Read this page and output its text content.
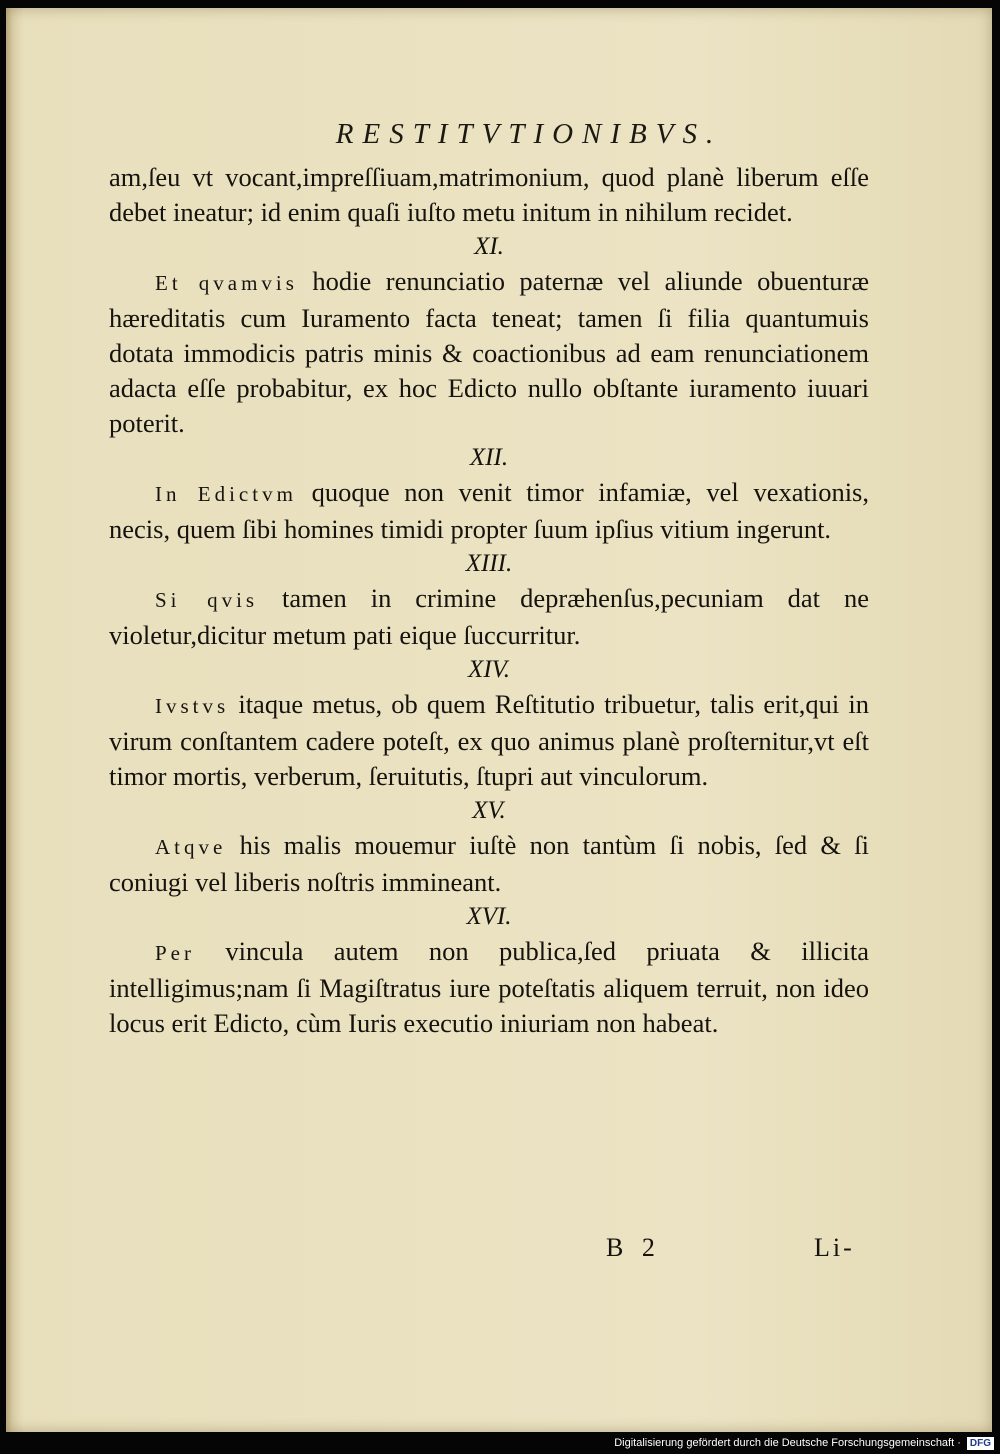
RESTITVTIONIBVS.

am,ſeu vt vocant,impreſſiuam,matrimonium, quod planè liberum eſſe debet ineatur; id enim quaſi iuſto metu initum in nihilum recidet.

XI.

Et qvamvis hodie renunciatio paternæ vel aliunde obuenturæ hæreditatis cum Iuramento facta teneat; tamen ſi filia quantumuis dotata immodicis patris minis & coactionibus ad eam renunciationem adacta eſſe probabitur, ex hoc Edicto nullo obſtante iuramento iuuari poterit.

XII.

In Edictvm quoque non venit timor infamiæ, vel vexationis, necis, quem ſibi homines timidi propter ſuum ipſius vitium ingerunt.

XIII.

Si qvis tamen in crimine depræhenſus,pecuniam dat ne violetur,dicitur metum pati eique ſuccurritur.

XIV.

Ivstvs itaque metus, ob quem Reſtitutio tribuetur, talis erit,qui in virum conſtantem cadere poteſt, ex quo animus planè proſternitur,vt eſt timor mortis, verberum, ſeruitutis, ſtupri aut vinculorum.

XV.

Atqve his malis mouemur iuſtè non tantùm ſi nobis, ſed & ſi coniugi vel liberis noſtris immineant.

XVI.

Per vincula autem non publica,ſed priuata & illicita intelligimus;nam ſi Magiſtratus iure poteſtatis aliquem terruit, non ideo locus erit Edicto, cùm Iuris executio iniuriam non habeat.

B 2	Li-
Digitalisierung gefördert durch die Deutsche Forschungsgemeinschaft · DFG
